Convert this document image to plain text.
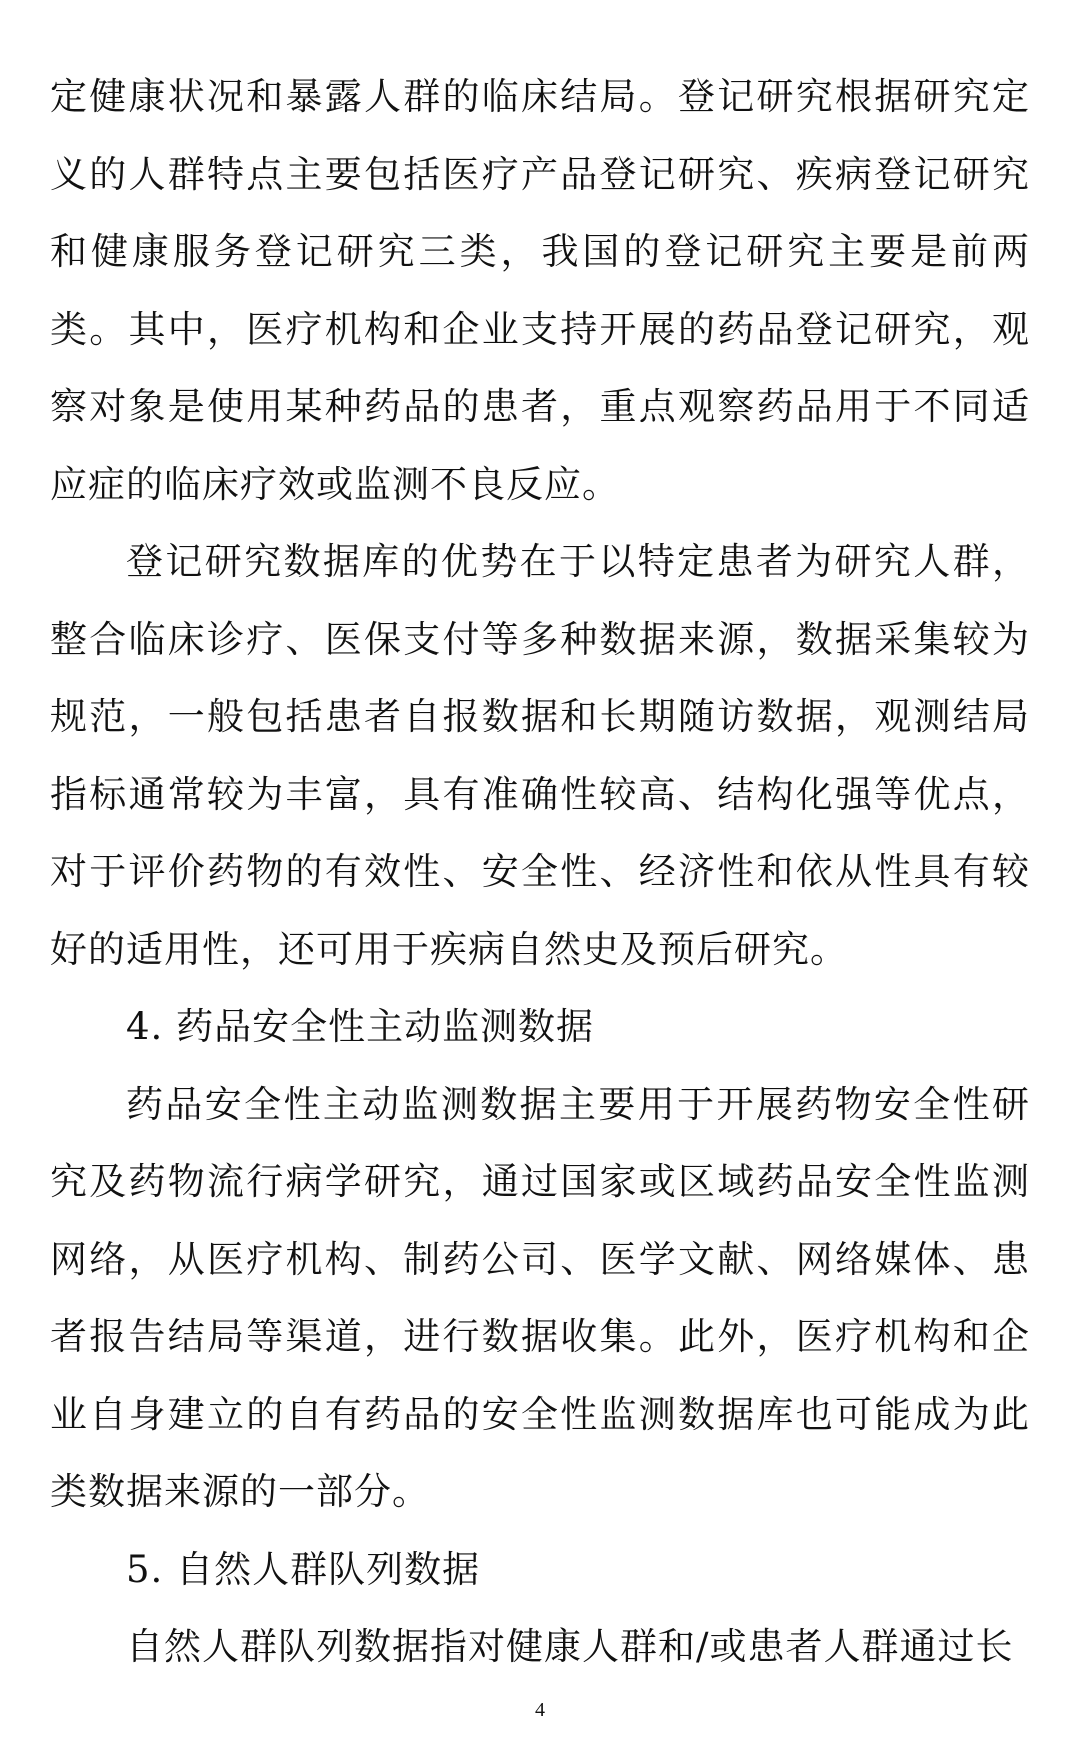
定健康状况和暴露人群的临床结局。登记研究根据研究定义的人群特点主要包括医疗产品登记研究、疾病登记研究和健康服务登记研究三类，我国的登记研究主要是前两类。其中，医疗机构和企业支持开展的药品登记研究，观察对象是使用某种药品的患者，重点观察药品用于不同适应症的临床疗效或监测不良反应。

登记研究数据库的优势在于以特定患者为研究人群，整合临床诊疗、医保支付等多种数据来源，数据采集较为规范，一般包括患者自报数据和长期随访数据，观测结局指标通常较为丰富，具有准确性较高、结构化强等优点，对于评价药物的有效性、安全性、经济性和依从性具有较好的适用性，还可用于疾病自然史及预后研究。

4. 药品安全性主动监测数据

药品安全性主动监测数据主要用于开展药物安全性研究及药物流行病学研究，通过国家或区域药品安全性监测网络，从医疗机构、制药公司、医学文献、网络媒体、患者报告结局等渠道，进行数据收集。此外，医疗机构和企业自身建立的自有药品的安全性监测数据库也可能成为此类数据来源的一部分。

5. 自然人群队列数据

自然人群队列数据指对健康人群和/或患者人群通过长

4
